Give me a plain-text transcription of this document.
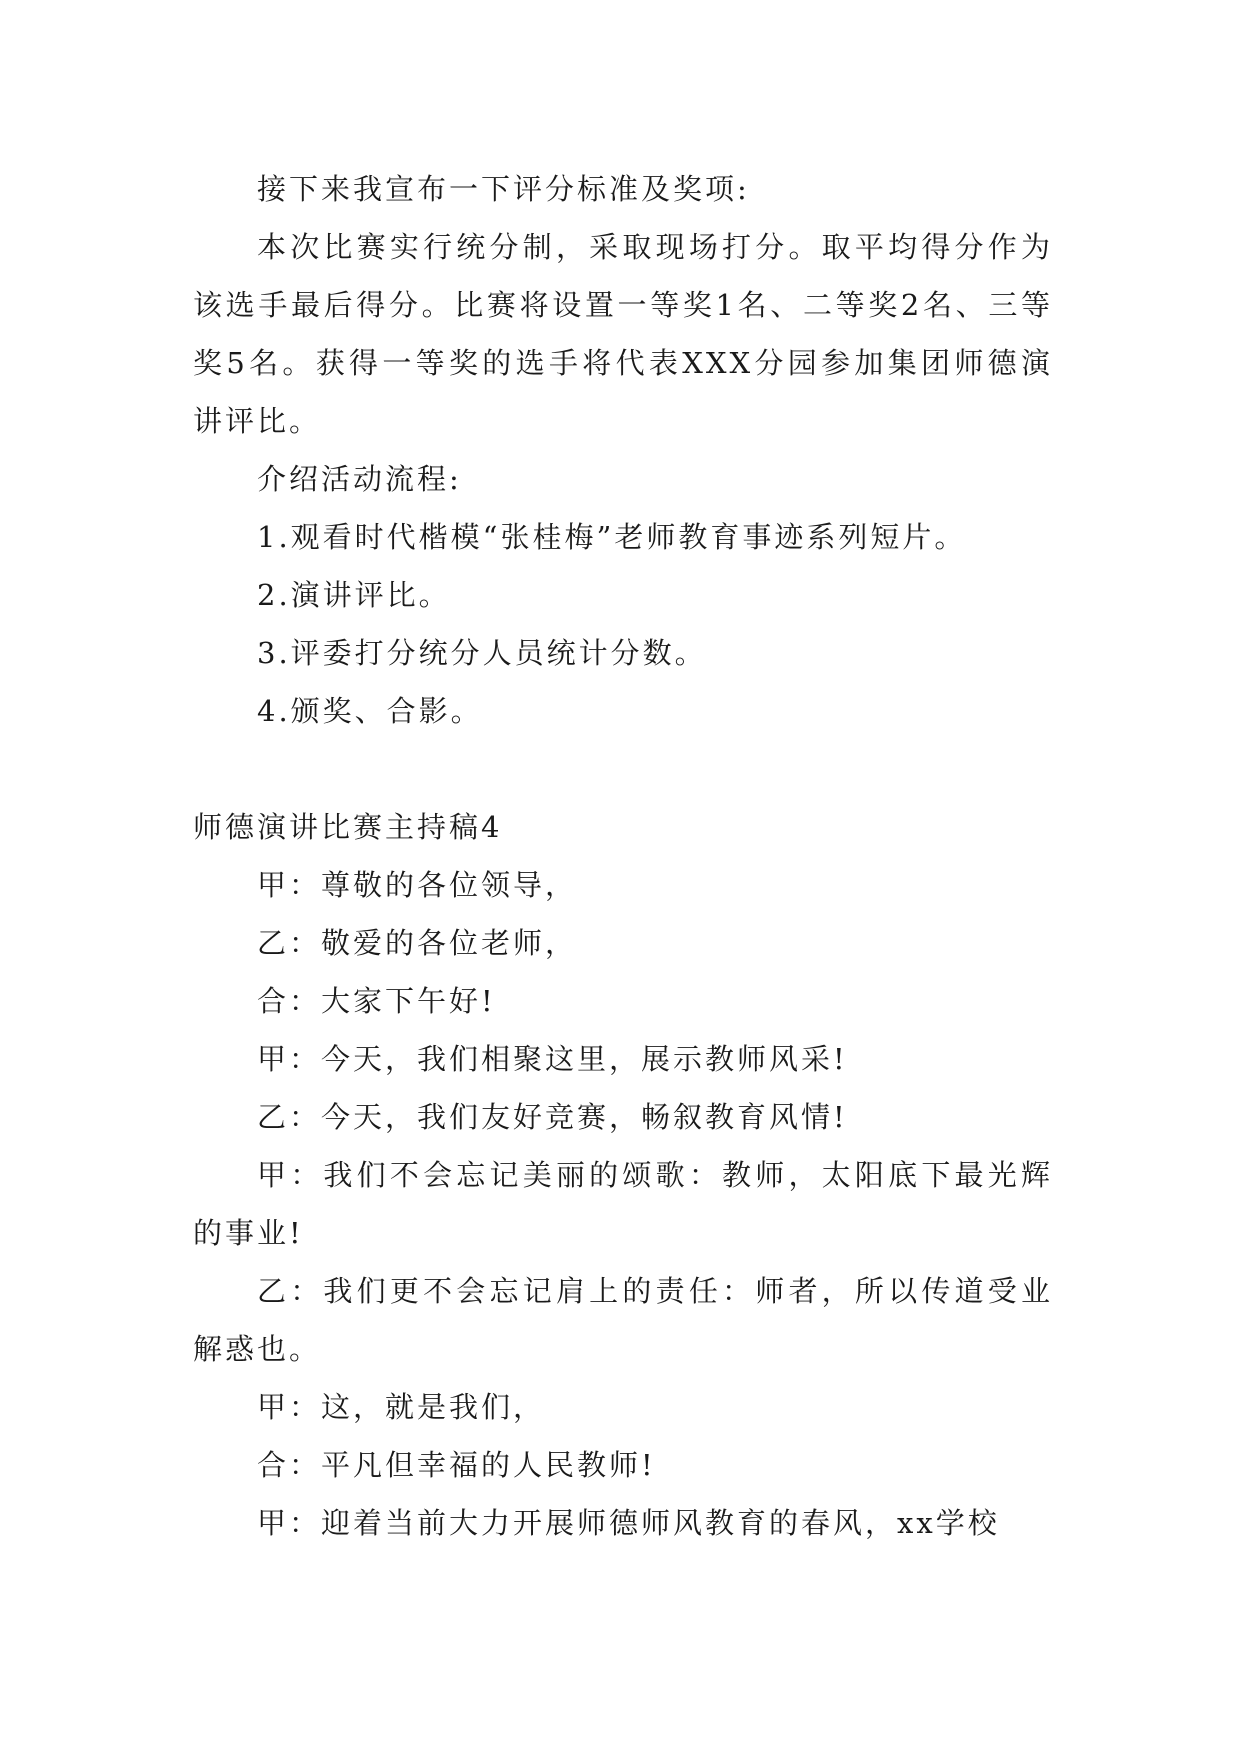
接下来我宣布一下评分标准及奖项:

本次比赛实行统分制，采取现场打分。取平均得分作为该选手最后得分。比赛将设置一等奖1名、二等奖2名、三等奖5名。获得一等奖的选手将代表XXX分园参加集团师德演讲评比。

介绍活动流程:

1.观看时代楷模“张桂梅”老师教育事迹系列短片。

2.演讲评比。

3.评委打分统分人员统计分数。

4.颁奖、合影。

师德演讲比赛主持稿4

甲：尊敬的各位领导，

乙：敬爱的各位老师，

合：大家下午好!

甲：今天，我们相聚这里，展示教师风采!

乙：今天，我们友好竞赛，畅叙教育风情!

甲：我们不会忘记美丽的颂歌：教师，太阳底下最光辉的事业!

乙：我们更不会忘记肩上的责任：师者，所以传道受业解惑也。

甲：这，就是我们，

合：平凡但幸福的人民教师!

甲：迎着当前大力开展师德师风教育的春风，xx学校
